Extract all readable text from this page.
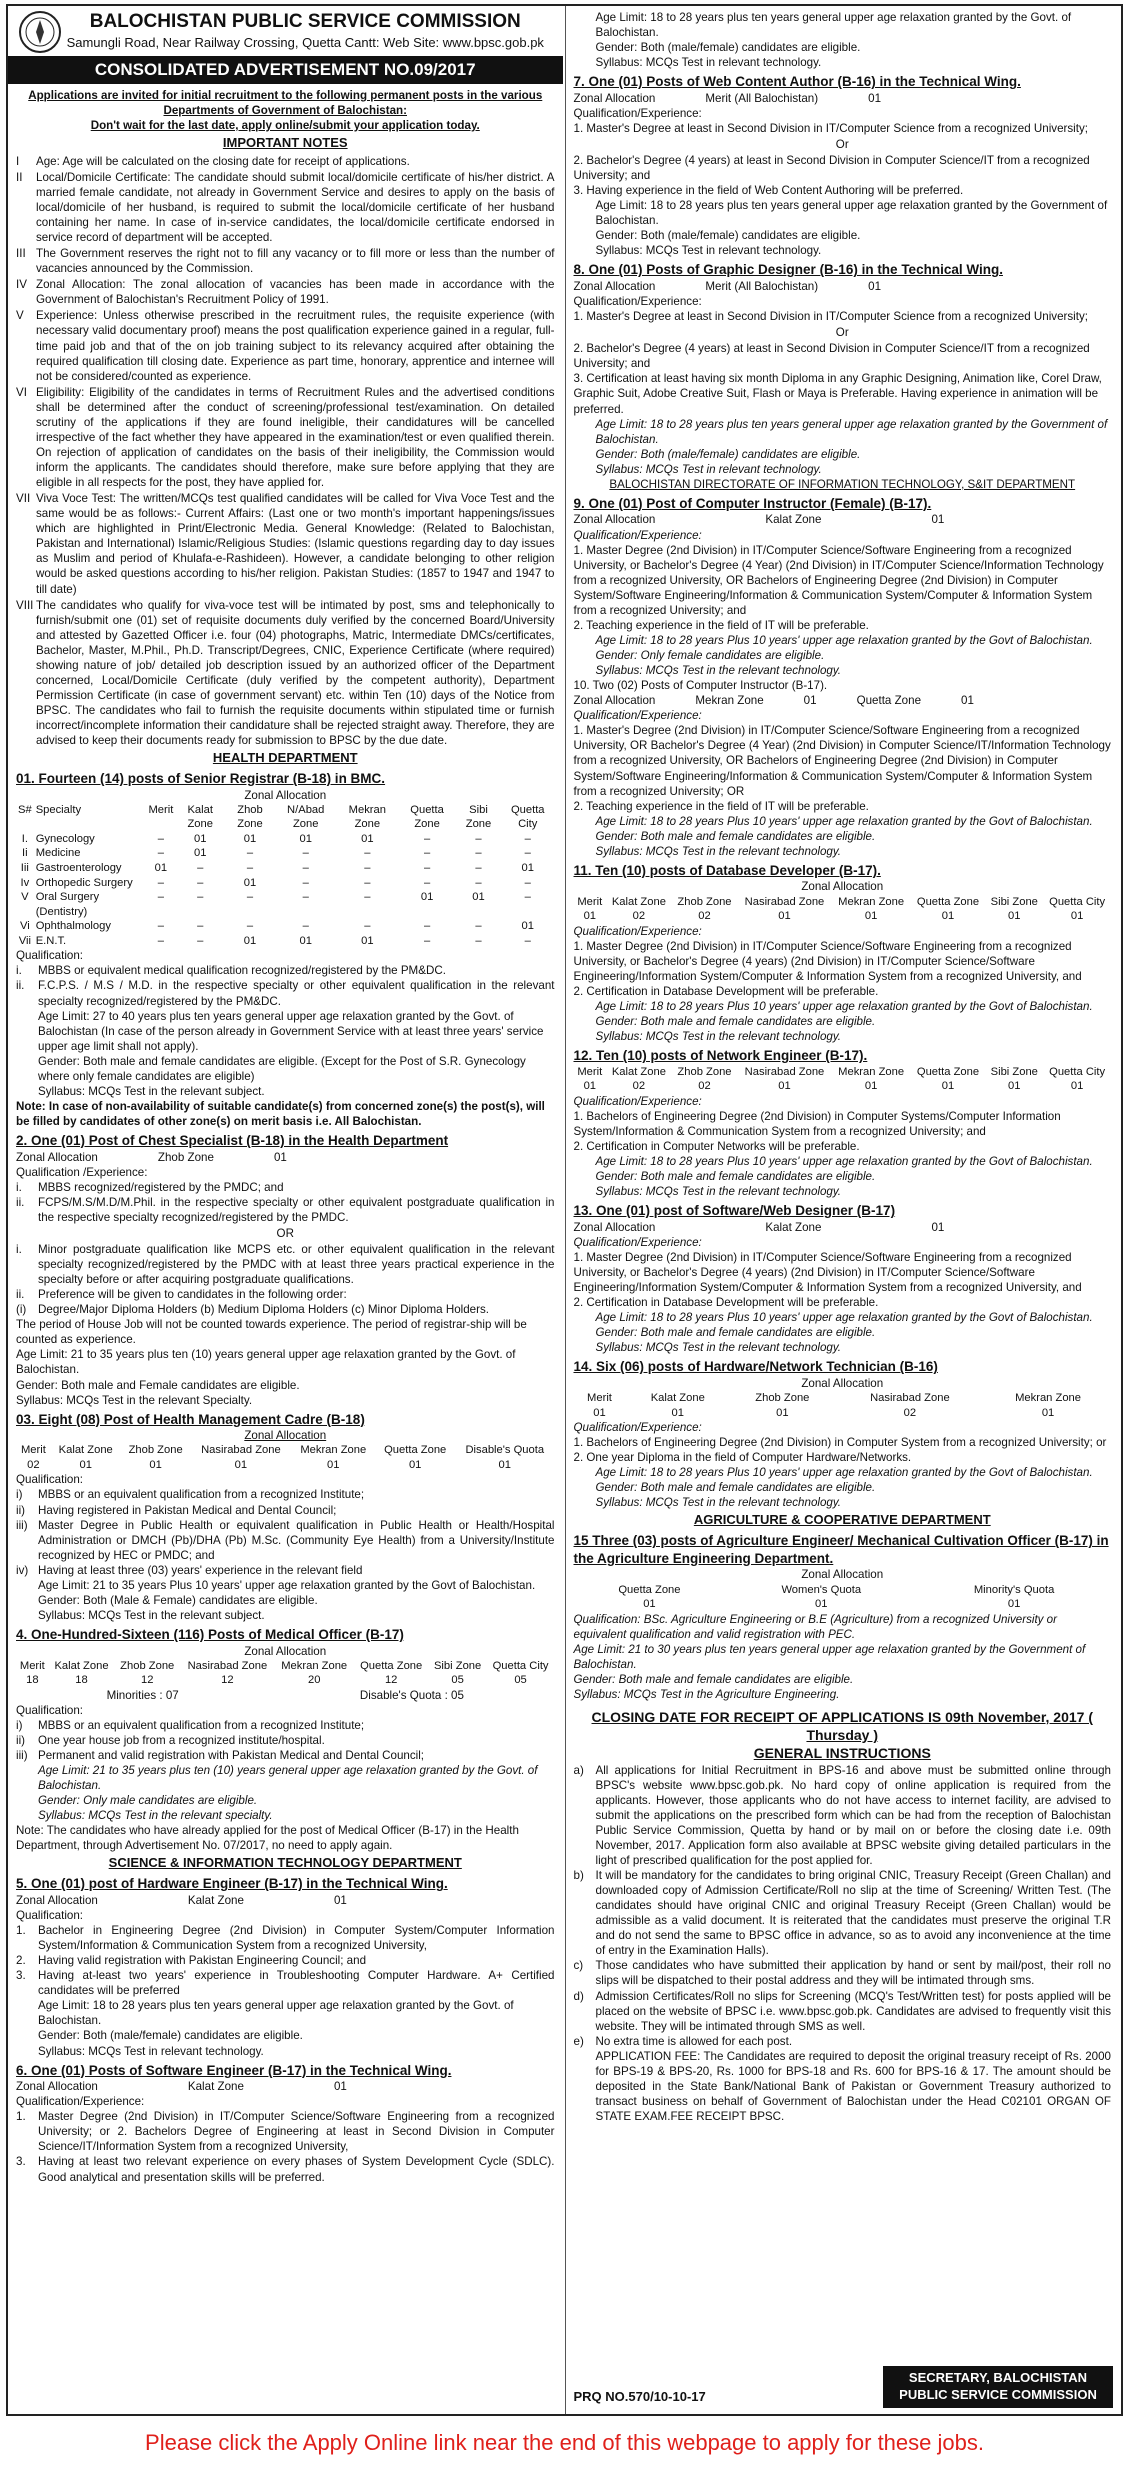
BALOCHISTAN PUBLIC SERVICE COMMISSION
Samungli Road, Near Railway Crossing, Quetta Cantt: Web Site: www.bpsc.gob.pk
CONSOLIDATED ADVERTISEMENT NO.09/2017
Applications are invited for initial recruitment to the following permanent posts in the various Departments of Government of Balochistan:
Don't wait for the last date, apply online/submit your application today.
IMPORTANT NOTES
I	Age: Age will be calculated on the closing date for receipt of applications.
II	Local/Domicile Certificate: The candidate should submit local/domicile certificate of his/her district. A married female candidate, not already in Government Service and desires to apply on the basis of local/domicile of her husband, is required to submit the local/domicile certificate of her husband containing her name. In case of in-service candidates, the local/domicile certificate endorsed in service record of department will be accepted.
III The Government reserves the right not to fill any vacancy or to fill more or less than the number of vacancies announced by the Commission.
IV Zonal Allocation: The zonal allocation of vacancies has been made in accordance with the Government of Balochistan's Recruitment Policy of 1991.
V	Experience: Unless otherwise prescribed in the recruitment rules, the requisite experience (with necessary valid documentary proof) means the post qualification experience gained in a regular, full-time paid job and that of the on job training subject to its relevancy acquired after obtaining the required qualification till closing date. Experience as part time, honorary, apprentice and internee will not be considered/counted as experience.
VI Eligibility: Eligibility of the candidates in terms of Recruitment Rules and the advertised conditions shall be determined after the conduct of screening/professional test/examination. On detailed scrutiny of the applications if they are found ineligible, their candidatures will be cancelled irrespective of the fact whether they have appeared in the examination/test or even qualified therein. On rejection of application of candidates on the basis of their ineligibility, the Commission would inform the applicants. The candidates should therefore, make sure before applying that they are eligible in all respects for the post, they have applied for.
VII Viva Voce Test: The written/MCQs test qualified candidates will be called for Viva Voce Test and the same would be as follows:- Current Affairs: (Last one or two month's important happenings/issues which are highlighted in Print/Electronic Media. General Knowledge: (Related to Balochistan, Pakistan and International) Islamic/Religious Studies: (Islamic questions regarding day to day issues as Muslim and period of Khulafa-e-Rashideen). However, a candidate belonging to other religion would be asked questions according to his/her religion. Pakistan Studies: (1857 to 1947 and 1947 to till date)
VIII The candidates who qualify for viva-voce test will be intimated by post, sms and telephonically to furnish/submit one (01) set of requisite documents duly verified by the concerned Board/University and attested by Gazetted Officer i.e. four (04) photographs, Matric, Intermediate DMCs/certificates, Bachelor, Master, M.Phil., Ph.D. Transcript/Degrees, CNIC, Experience Certificate (where required) showing nature of job/ detailed job description issued by an authorized officer of the Department concerned, Local/Domicile Certificate (duly verified by the competent authority), Department Permission Certificate (in case of government servant) etc. within Ten (10) days of the Notice from BPSC. The candidates who fail to furnish the requisite documents within stipulated time or furnish incorrect/incomplete information their candidature shall be rejected straight away. Therefore, they are advised to keep their documents ready for submission to BPSC by the due date.
HEALTH DEPARTMENT
01. Fourteen (14) posts of Senior Registrar (B-18) in BMC.
Zonal Allocation
S#	Specialty	Merit	Kalat Zone	Zhob Zone	N/Abad Zone	Mekran Zone	Quetta Zone	Sibi Zone	Quetta City
I.	Gynecology	–	01	01	01	01	–	–	–
Ii	Medicine	–	01	–	–	–	–	–	–
Iii	Gastroenterology	01	–	–	–	–	–	–	01
Iv	Orthopedic Surgery	–	–	01	–	–	–	–	–
V	Oral Surgery (Dentistry)	–	–	–	–	–	01	01	–
Vi	Ophthalmology	–	–	–	–	–	–	–	01
Vii	E.N.T.	–	–	01	01	01	–	–	–
Qualification:
i.	MBBS or equivalent medical qualification recognized/registered by the PM&DC.
ii.	F.C.P.S. / M.S / M.D. in the respective specialty or other equivalent qualification in the relevant specialty recognized/registered by the PM&DC.
Age Limit: 27 to 40 years plus ten years general upper age relaxation granted by the Govt. of Balochistan (In case of the person already in Government Service with at least three years' service upper age limit shall not apply).
Gender: Both male and female candidates are eligible. (Except for the Post of S.R. Gynecology where only female candidates are eligible)
Syllabus: MCQs Test in the relevant subject.
Note: In case of non-availability of suitable candidate(s) from concerned zone(s) the post(s), will be filled by candidates of other zone(s) on merit basis i.e. All Balochistan.
2. One (01) Post of Chest Specialist (B-18) in the Health Department
Zonal Allocation	Zhob Zone	01
Qualification /Experience:
i.	MBBS recognized/registered by the PMDC; and
ii.	FCPS/M.S/M.D/M.Phil. in the respective specialty or other equivalent postgraduate qualification in the respective specialty recognized/registered by the PMDC.
OR
i.	Minor postgraduate qualification like MCPS etc. or other equivalent qualification in the relevant specialty recognized/registered by the PMDC with at least three years practical experience in the specialty before or after acquiring postgraduate qualifications.
ii.	Preference will be given to candidates in the following order:
(i)	Degree/Major Diploma Holders (b) Medium Diploma Holders (c) Minor Diploma Holders.
The period of House Job will not be counted towards experience. The period of registrar-ship will be counted as experience.
Age Limit: 21 to 35 years plus ten (10) years general upper age relaxation granted by the Govt. of Balochistan.
Gender: Both male and Female candidates are eligible.
Syllabus: MCQs Test in the relevant Specialty.
03. Eight (08) Post of Health Management Cadre (B-18)
Zonal Allocation
Merit	Kalat Zone	Zhob Zone	Nasirabad Zone	Mekran Zone	Quetta Zone	Disable's Quota
02	01	01	01	01	01	01
Qualification:
i)	MBBS or an equivalent qualification from a recognized Institute;
ii)	Having registered in Pakistan Medical and Dental Council;
iii) Master Degree in Public Health or equivalent qualification in Public Health or Health/Hospital Administration or DMCH (Pb)/DHA (Pb) M.Sc. (Community Eye Health) from a University/Institute recognized by HEC or PMDC; and
iv) Having at least three (03) years' experience in the relevant field
Age Limit: 21 to 35 years Plus 10 years' upper age relaxation granted by the Govt of Balochistan.
Gender: Both (Male & Female) candidates are eligible.
Syllabus: MCQs Test in the relevant subject.
4. One-Hundred-Sixteen (116) Posts of Medical Officer (B-17)
Zonal Allocation
Merit	Kalat Zone	Zhob Zone	Nasirabad Zone	Mekran Zone	Quetta Zone	Sibi Zone	Quetta City
18	18	12	12	20	12	05	05
Minorities : 07	Disable's Quota : 05
Qualification:
i)	MBBS or an equivalent qualification from a recognized Institute;
ii)	One year house job from a recognized institute/hospital.
iii) Permanent and valid registration with Pakistan Medical and Dental Council;
Age Limit: 21 to 35 years plus ten (10) years general upper age relaxation granted by the Govt. of Balochistan.
Gender: Only male candidates are eligible.
Syllabus: MCQs Test in the relevant specialty.
Note: The candidates who have already applied for the post of Medical Officer (B-17) in the Health Department, through Advertisement No. 07/2017, no need to apply again.
SCIENCE & INFORMATION TECHNOLOGY DEPARTMENT
5. One (01) post of Hardware Engineer (B-17) in the Technical Wing.
Zonal Allocation	Kalat Zone	01
Qualification:
1.	Bachelor in Engineering Degree (2nd Division) in Computer System/Computer Information System/Information & Communication System from a recognized University,
2.	Having valid registration with Pakistan Engineering Council; and
3.	Having at-least two years' experience in Troubleshooting Computer Hardware. A+ Certified candidates will be preferred
Age Limit: 18 to 28 years plus ten years general upper age relaxation granted by the Govt. of Balochistan.
Gender: Both (male/female) candidates are eligible.
Syllabus: MCQs Test in relevant technology.
6. One (01) Posts of Software Engineer (B-17) in the Technical Wing.
Zonal Allocation	Kalat Zone	01
Qualification/Experience:
1.	Master Degree (2nd Division) in IT/Computer Science/Software Engineering from a recognized University; or 2. Bachelors Degree of Engineering at least in Second Division in Computer Science/IT/Information System from a recognized University,
3.	Having at least two relevant experience on every phases of System Development Cycle (SDLC). Good analytical and presentation skills will be preferred.
Age Limit: 18 to 28 years plus ten years general upper age relaxation granted by the Govt. of Balochistan.
Gender: Both (male/female) candidates are eligible.
Syllabus: MCQs Test in relevant technology.
7. One (01) Posts of Web Content Author (B-16) in the Technical Wing.
Zonal Allocation	Merit (All Balochistan)	01
Qualification/Experience:
1. Master's Degree at least in Second Division in IT/Computer Science from a recognized University;
Or
2. Bachelor's Degree (4 years) at least in Second Division in Computer Science/IT from a recognized University; and
3. Having experience in the field of Web Content Authoring will be preferred.
Age Limit: 18 to 28 years plus ten years general upper age relaxation granted by the Government of Balochistan.
Gender: Both (male/female) candidates are eligible.
Syllabus: MCQs Test in relevant technology.
8. One (01) Posts of Graphic Designer (B-16) in the Technical Wing.
Zonal Allocation	Merit (All Balochistan)	01
Qualification/Experience:
1. Master's Degree at least in Second Division in IT/Computer Science from a recognized University;
Or
2. Bachelor's Degree (4 years) at least in Second Division in Computer Science/IT from a recognized University; and
3. Certification at least having six month Diploma in any Graphic Designing, Animation like, Corel Draw, Graphic Suit, Adobe Creative Suit, Flash or Maya is Preferable. Having experience in animation will be preferred.
Age Limit: 18 to 28 years plus ten years general upper age relaxation granted by the Government of Balochistan.
Gender: Both (male/female) candidates are eligible.
Syllabus: MCQs Test in relevant technology.
BALOCHISTAN DIRECTORATE OF INFORMATION TECHNOLOGY, S&IT DEPARTMENT
9. One (01) Post of Computer Instructor (Female) (B-17).
Zonal Allocation	Kalat Zone	01
Qualification/Experience:
1. Master Degree (2nd Division) in IT/Computer Science/Software Engineering from a recognized University, or Bachelor's Degree (4 Year) (2nd Division) in IT/Computer Science/Information Technology from a recognized University, OR Bachelors of Engineering Degree (2nd Division) in Computer System/Software Engineering/Information & Communication System/Computer & Information System from a recognized University; and
2. Teaching experience in the field of IT will be preferable.
Age Limit: 18 to 28 years Plus 10 years' upper age relaxation granted by the Govt of Balochistan.
Gender: Only female candidates are eligible.
Syllabus: MCQs Test in the relevant technology.
10. Two (02) Posts of Computer Instructor (B-17).
Zonal Allocation	Mekran Zone	01	Quetta Zone	01
Qualification/Experience:
1. Master's Degree (2nd Division) in IT/Computer Science/Software Engineering from a recognized University, OR Bachelor's Degree (4 Year) (2nd Division) in Computer Science/IT/Information Technology from a recognized University, OR Bachelors of Engineering Degree (2nd Division) in Computer System/Software Engineering/Information & Communication System/Computer & Information System from a recognized University; OR
2. Teaching experience in the field of IT will be preferable.
Age Limit: 18 to 28 years Plus 10 years' upper age relaxation granted by the Govt of Balochistan.
Gender: Both male and female candidates are eligible.
Syllabus: MCQs Test in the relevant technology.
11. Ten (10) posts of Database Developer (B-17).
Zonal Allocation
Merit	Kalat Zone	Zhob Zone	Nasirabad Zone	Mekran Zone	Quetta Zone	Sibi Zone	Quetta City
01	02	02	01	01	01	01	01
Qualification/Experience:
1. Master Degree (2nd Division) in IT/Computer Science/Software Engineering from a recognized University, or Bachelor's Degree (4 years) (2nd Division) in IT/Computer Science/Software Engineering/Information System/Computer & Information System from a recognized University, and
2. Certification in Database Development will be preferable.
Age Limit: 18 to 28 years Plus 10 years' upper age relaxation granted by the Govt of Balochistan.
Gender: Both male and female candidates are eligible.
Syllabus: MCQs Test in the relevant technology.
12. Ten (10) posts of Network Engineer (B-17).
Merit	Kalat Zone	Zhob Zone	Nasirabad Zone	Mekran Zone	Quetta Zone	Sibi Zone	Quetta City
01	02	02	01	01	01	01	01
Qualification/Experience:
1. Bachelors of Engineering Degree (2nd Division) in Computer Systems/Computer Information System/Information & Communication System from a recognized University; and
2. Certification in Computer Networks will be preferable.
Age Limit: 18 to 28 years Plus 10 years' upper age relaxation granted by the Govt of Balochistan.
Gender: Both male and female candidates are eligible.
Syllabus: MCQs Test in the relevant technology.
13. One (01) post of Software/Web Designer (B-17)
Zonal Allocation	Kalat Zone	01
Qualification/Experience:
1. Master Degree (2nd Division) in IT/Computer Science/Software Engineering from a recognized University, or Bachelor's Degree (4 years) (2nd Division) in IT/Computer Science/Software Engineering/Information System/Computer & Information System from a recognized University, and
2. Certification in Database Development will be preferable.
Age Limit: 18 to 28 years Plus 10 years' upper age relaxation granted by the Govt of Balochistan.
Gender: Both male and female candidates are eligible.
Syllabus: MCQs Test in the relevant technology.
14. Six (06) posts of Hardware/Network Technician (B-16)
Zonal Allocation
Merit	Kalat Zone	Zhob Zone	Nasirabad Zone	Mekran Zone
01	01	01	02	01
Qualification/Experience:
1. Bachelors of Engineering Degree (2nd Division) in Computer System from a recognized University; or
2. One year Diploma in the field of Computer Hardware/Networks.
Age Limit: 18 to 28 years Plus 10 years' upper age relaxation granted by the Govt of Balochistan.
Gender: Both male and female candidates are eligible.
Syllabus: MCQs Test in the relevant technology.
AGRICULTURE & COOPERATIVE DEPARTMENT
15 Three (03) posts of Agriculture Engineer/ Mechanical Cultivation Officer (B-17) in the Agriculture Engineering Department.
Zonal Allocation
Quetta Zone	Women's Quota	Minority's Quota
01	01	01
Qualification: BSc. Agriculture Engineering or B.E (Agriculture) from a recognized University or equivalent qualification and valid registration with PEC.
Age Limit: 21 to 30 years plus ten years general upper age relaxation granted by the Government of Balochistan.
Gender: Both male and female candidates are eligible.
Syllabus: MCQs Test in the Agriculture Engineering.
CLOSING DATE FOR RECEIPT OF APPLICATIONS IS 09th November, 2017 ( Thursday )
GENERAL INSTRUCTIONS
a)	All applications for Initial Recruitment in BPS-16 and above must be submitted online through BPSC's website www.bpsc.gob.pk. No hard copy of online application is required from the applicants. However, those applicants who do not have access to internet facility, are advised to submit the applications on the prescribed form which can be had from the reception of Balochistan Public Service Commission, Quetta by hand or by mail on or before the closing date i.e. 09th November, 2017. Application form also available at BPSC website giving detailed particulars in the light of prescribed qualification for the post applied for.
b)	It will be mandatory for the candidates to bring original CNIC, Treasury Receipt (Green Challan) and downloaded copy of Admission Certificate/Roll no slip at the time of Screening/ Written Test. (The candidates should have original CNIC and original Treasury Receipt (Green Challan) would be admissible as a valid document. It is reiterated that the candidates must preserve the original T.R and do not send the same to BPSC office in advance, so as to avoid any inconvenience at the time of entry in the Examination Halls).
c)	Those candidates who have submitted their application by hand or sent by mail/post, their roll no slips will be dispatched to their postal address and they will be intimated through sms.
d)	Admission Certificates/Roll no slips for Screening (MCQ's Test/Written test) for posts applied will be placed on the website of BPSC i.e. www.bpsc.gob.pk. Candidates are advised to frequently visit this website. They will be intimated through SMS as well.
e)	No extra time is allowed for each post.
APPLICATION FEE: The Candidates are required to deposit the original treasury receipt of Rs. 2000 for BPS-19 & BPS-20, Rs. 1000 for BPS-18 and Rs. 600 for BPS-16 & 17. The amount should be deposited in the State Bank/National Bank of Pakistan or Government Treasury authorized to transact business on behalf of Government of Balochistan under the Head C02101 ORGAN OF STATE EXAM.FEE RECEIPT BPSC.
PRQ NO.570/10-10-17
SECRETARY, BALOCHISTAN PUBLIC SERVICE COMMISSION
Please click the Apply Online link near the end of this webpage to apply for these jobs.
